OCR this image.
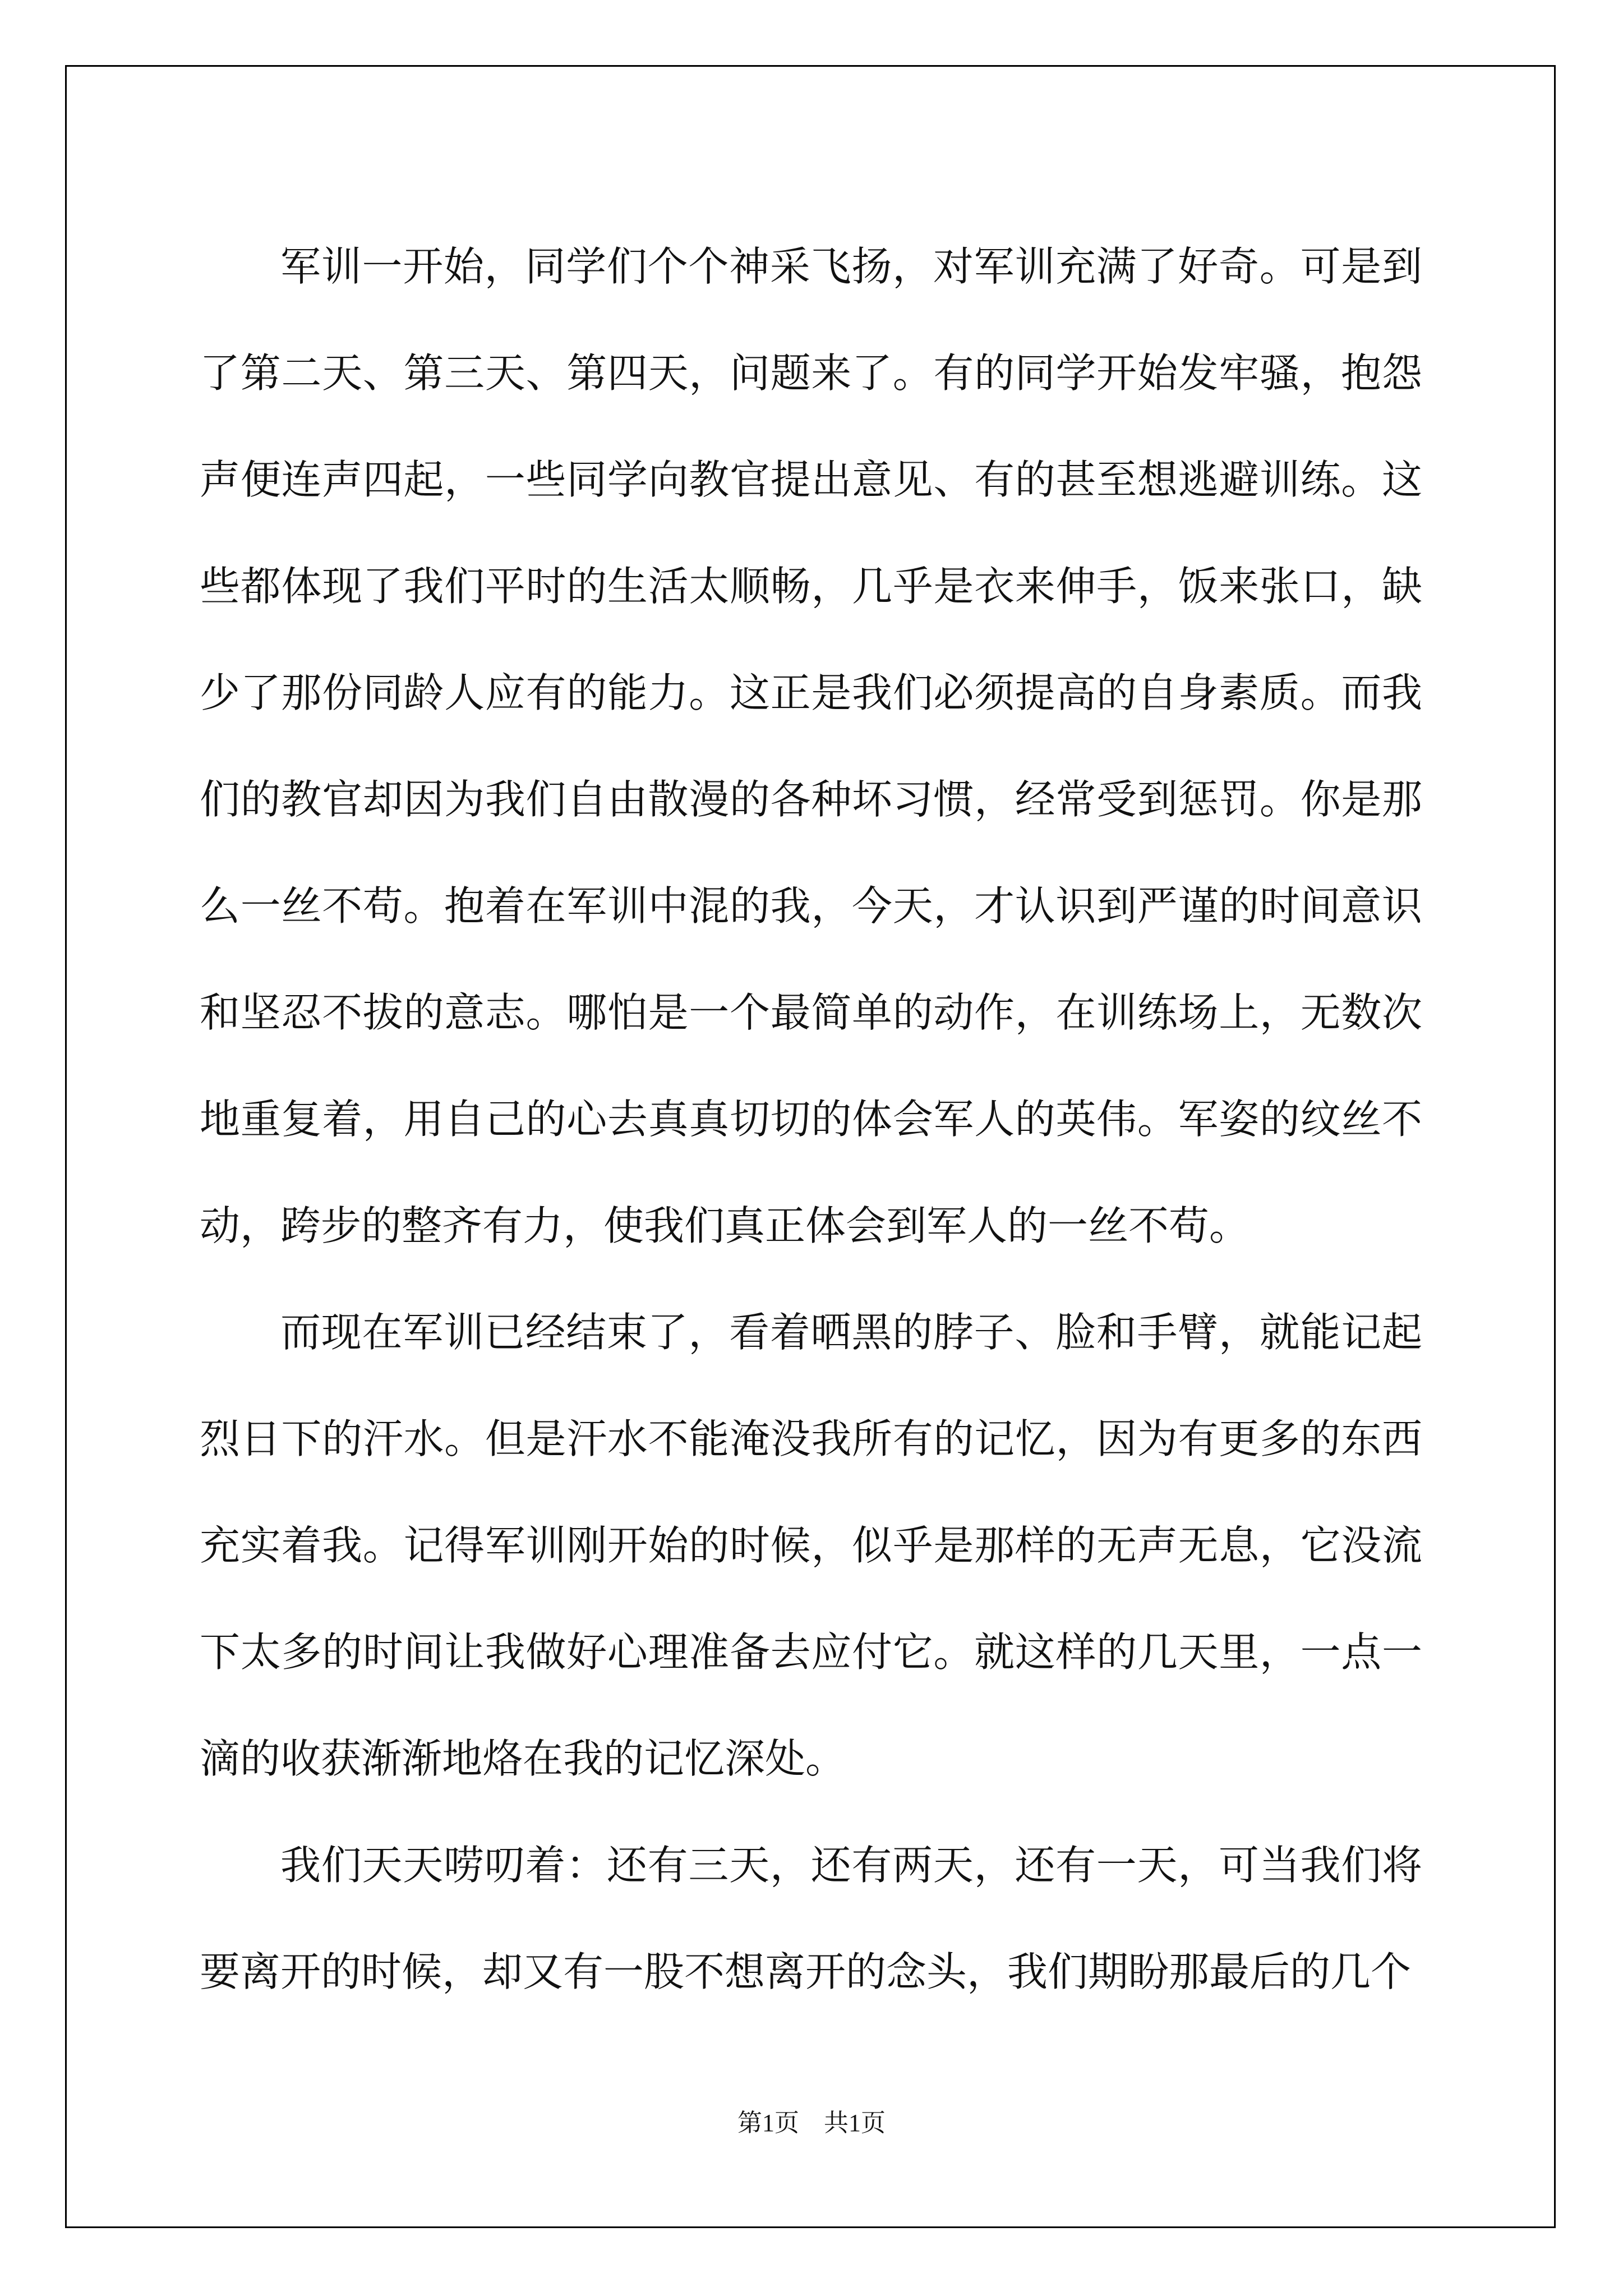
军训一开始，同学们个个神采飞扬，对军训充满了好奇。可是到了第二天、第三天、第四天，问题来了。有的同学开始发牢骚，抱怨声便连声四起，一些同学向教官提出意见、有的甚至想逃避训练。这些都体现了我们平时的生活太顺畅，几乎是衣来伸手，饭来张口，缺少了那份同龄人应有的能力。这正是我们必须提高的自身素质。而我们的教官却因为我们自由散漫的各种坏习惯，经常受到惩罚。你是那么一丝不苟。抱着在军训中混的我，今天，才认识到严谨的时间意识和坚忍不拔的意志。哪怕是一个最简单的动作，在训练场上，无数次地重复着，用自己的心去真真切切的体会军人的英伟。军姿的纹丝不动，跨步的整齐有力，使我们真正体会到军人的一丝不苟。

而现在军训已经结束了，看着晒黑的脖子、脸和手臂，就能记起烈日下的汗水。但是汗水不能淹没我所有的记忆，因为有更多的东西充实着我。记得军训刚开始的时候，似乎是那样的无声无息，它没流下太多的时间让我做好心理准备去应付它。就这样的几天里，一点一滴的收获渐渐地烙在我的记忆深处。

我们天天唠叨着：还有三天，还有两天，还有一天，可当我们将要离开的时候，却又有一股不想离开的念头，我们期盼那最后的几个

第1页　共1页
